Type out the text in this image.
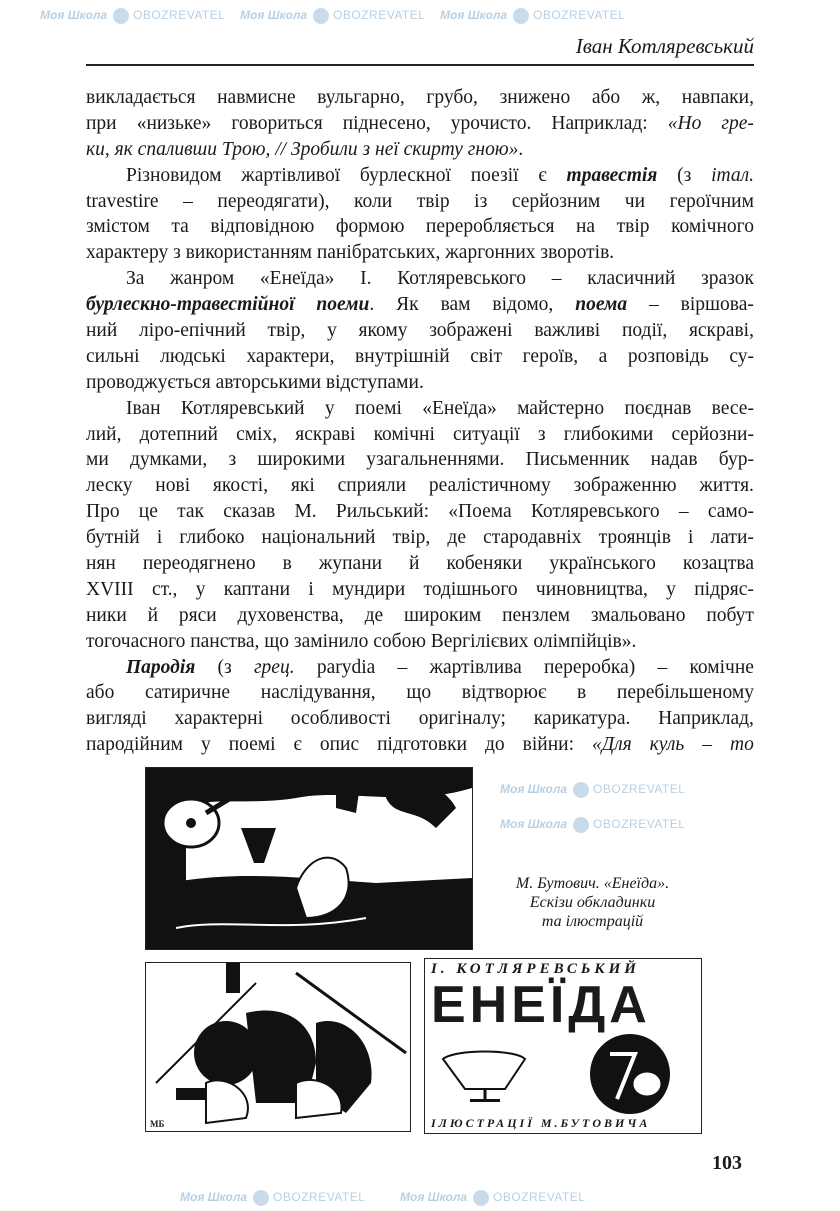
Моя Школа OBOZREVATEL Моя Школа OBOZREVATEL Моя Школа OBOZREVATEL
Моя Школа OBOZREVATEL
Моя Школа OBOZREVATEL
Моя Школа OBOZREVATEL	Моя Школа OBOZREVATEL
Іван Котляревський
викладається навмисне вульгарно, грубо, знижено або ж, навпаки,
при «низьке» говориться піднесено, урочисто. Наприклад: «Но гре-
ки, як спаливши Трою, // Зробили з неї скирту гною» .
Різновидом жартівливої бурлескної поезії є травестія (з італ.
travestire – переодягати), коли твір із серйозним чи героїчним
змістом та відповідною формою переробляється на твір комічного
характеру з використанням панібратських, жаргонних зворотів.
За жанром «Енеїда» І. Котляревського – класичний зразок
бурлескно-травестійної поеми. Як вам відомо, поема – віршова-
ний ліро-епічний твір, у якому зображені важливі події, яскраві,
сильні людські характери, внутрішній світ героїв, а розповідь су-
проводжується авторськими відступами.
Іван Котляревський у поемі «Енеїда» майстерно поєднав весе-
лий, дотепний сміх, яскраві комічні ситуації з глибокими серйозни-
ми думками, з широкими узагальненнями. Письменник надав бур-
леску нові якості, які сприяли реалістичному зображенню життя.
Про це так сказав М. Рильський: «Поема Котляревського – само-
бутній і глибоко національний твір, де стародавніх троянців і лати-
нян переодягнено в жупани й кобеняки українського козацтва
XVIII ст., у каптани і мундири тодішнього чиновництва, у підряс-
ники й ряси духовенства, де широким пензлем змальовано побут
тогочасного панства, що замінило собою Вергілієвих олімпійців».
Пародія (з грец. parydia – жартівлива переробка) – комічне
або сатиричне наслідування, що відтворює в перебільшеному
вигляді характерні особливості оригіналу; карикатура. Наприклад,
пародійним у поемі є опис підготовки до війни: «Для куль – то
М. Бутович. «Енеїда».
Ескізи обкладинки
та ілюстрацій
МБ
І. КОТЛЯРЕВСЬКИЙ
ЕНЕЇДА
ІЛЮСТРАЦІЇ М.БУТОВИЧА
103
